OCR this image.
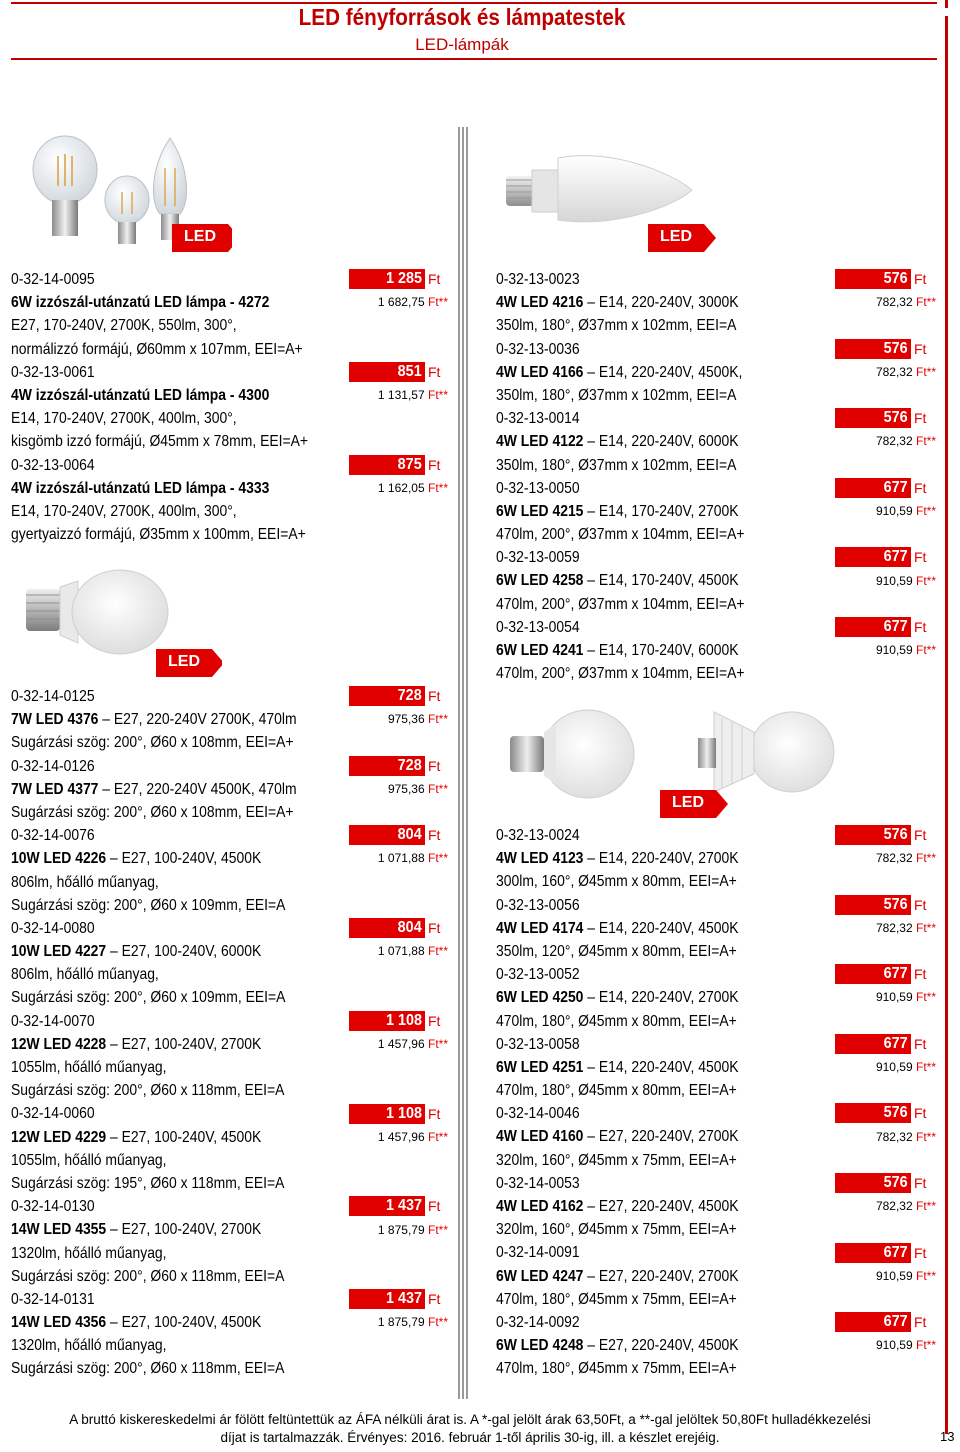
LED fényforrások és lámpatestek
LED-lámpák
LED	LED
LED
LED
0-32-14-0095
6W izzószál-utánzatú LED lámpa - 4272
E27, 170-240V, 2700K, 550lm, 300°,
normálizzó formájú, Ø60mm x 107mm, EEI=A+
0-32-13-0061
4W izzószál-utánzatú LED lámpa - 4300
E14, 170-240V, 2700K, 400lm, 300°,
kisgömb izzó formájú, Ø45mm x 78mm, EEI=A+
0-32-13-0064
4W izzószál-utánzatú LED lámpa - 4333
E14, 170-240V, 2700K, 400lm, 300°,
gyertyaizzó formájú, Ø35mm x 100mm, EEI=A+
1 285 Ft
1 682,75 Ft**
851 Ft
1 131,57 Ft**
875 Ft
1 162,05 Ft**
0-32-14-0125
7W LED 4376 – E27, 220-240V 2700K, 470lm
Sugárzási szög: 200°, Ø60 x 108mm, EEI=A+
0-32-14-0126
7W LED 4377 – E27, 220-240V 4500K, 470lm
Sugárzási szög: 200°, Ø60 x 108mm, EEI=A+
0-32-14-0076
10W LED 4226 – E27, 100-240V, 4500K
806lm, hőálló műanyag,
Sugárzási szög: 200°, Ø60 x 109mm, EEI=A
0-32-14-0080
10W LED 4227 – E27, 100-240V, 6000K
806lm, hőálló műanyag,
Sugárzási szög: 200°, Ø60 x 109mm, EEI=A
0-32-14-0070
12W LED 4228 – E27, 100-240V, 2700K
1055lm, hőálló műanyag,
Sugárzási szög: 200°, Ø60 x 118mm, EEI=A
0-32-14-0060
12W LED 4229 – E27, 100-240V, 4500K
1055lm, hőálló műanyag,
Sugárzási szög: 195°, Ø60 x 118mm, EEI=A
0-32-14-0130
14W LED 4355 – E27, 100-240V, 2700K
1320lm, hőálló műanyag,
Sugárzási szög: 200°, Ø60 x 118mm, EEI=A
0-32-14-0131
14W LED 4356 – E27, 100-240V, 4500K
1320lm, hőálló műanyag,
Sugárzási szög: 200°, Ø60 x 118mm, EEI=A
728 Ft
975,36 Ft**
728 Ft
975,36 Ft**
804 Ft
1 071,88 Ft**
804 Ft
1 071,88 Ft**
1 108 Ft
1 457,96 Ft**
1 108 Ft
1 457,96 Ft**
1 437 Ft
1 875,79 Ft**
1 437 Ft
1 875,79 Ft**
0-32-13-0023
4W LED 4216 – E14, 220-240V, 3000K
350lm, 180°, Ø37mm x 102mm, EEI=A
0-32-13-0036
4W LED 4166 – E14, 220-240V, 4500K,
350lm, 180°, Ø37mm x 102mm, EEI=A
0-32-13-0014
4W LED 4122 – E14, 220-240V, 6000K
350lm, 180°, Ø37mm x 102mm, EEI=A
0-32-13-0050
6W LED 4215 – E14, 170-240V, 2700K
470lm, 200°, Ø37mm x 104mm, EEI=A+
0-32-13-0059
6W LED 4258 – E14, 170-240V, 4500K
470lm, 200°, Ø37mm x 104mm, EEI=A+
0-32-13-0054
6W LED 4241 – E14, 170-240V, 6000K
470lm, 200°, Ø37mm x 104mm, EEI=A+
576 Ft
782,32 Ft**
576 Ft
782,32 Ft**
576 Ft
782,32 Ft**
677 Ft
910,59 Ft**
677 Ft
910,59 Ft**
677 Ft
910,59 Ft**
0-32-13-0024
4W LED 4123 – E14, 220-240V, 2700K
300lm, 160°, Ø45mm x 80mm, EEI=A+
0-32-13-0056
4W LED 4174 – E14, 220-240V, 4500K
350lm, 120°, Ø45mm x 80mm, EEI=A+
0-32-13-0052
6W LED 4250 – E14, 220-240V, 2700K
470lm, 180°, Ø45mm x 80mm, EEI=A+
0-32-13-0058
6W LED 4251 – E14, 220-240V, 4500K
470lm, 180°, Ø45mm x 80mm, EEI=A+
0-32-14-0046
4W LED 4160 – E27, 220-240V, 2700K
320lm, 160°, Ø45mm x 75mm, EEI=A+
0-32-14-0053
4W LED 4162 – E27, 220-240V, 4500K
320lm, 160°, Ø45mm x 75mm, EEI=A+
0-32-14-0091
6W LED 4247 – E27, 220-240V, 2700K
470lm, 180°, Ø45mm x 75mm, EEI=A+
0-32-14-0092
6W LED 4248 – E27, 220-240V, 4500K
470lm, 180°, Ø45mm x 75mm, EEI=A+
576 Ft
782,32 Ft**
576 Ft
782,32 Ft**
677 Ft
910,59 Ft**
677 Ft
910,59 Ft**
576 Ft
782,32 Ft**
576 Ft
782,32 Ft**
677 Ft
910,59 Ft**
677 Ft
910,59 Ft**
A bruttó kiskereskedelmi ár fölött feltüntettük az ÁFA nélküli árat is. A *-gal jelölt árak 63,50Ft, a **-gal jelöltek 50,80Ft hulladékkezelési
díjat is tartalmazzák. Érvényes: 2016. február 1-től április 30-ig, ill. a készlet erejéig.	13
